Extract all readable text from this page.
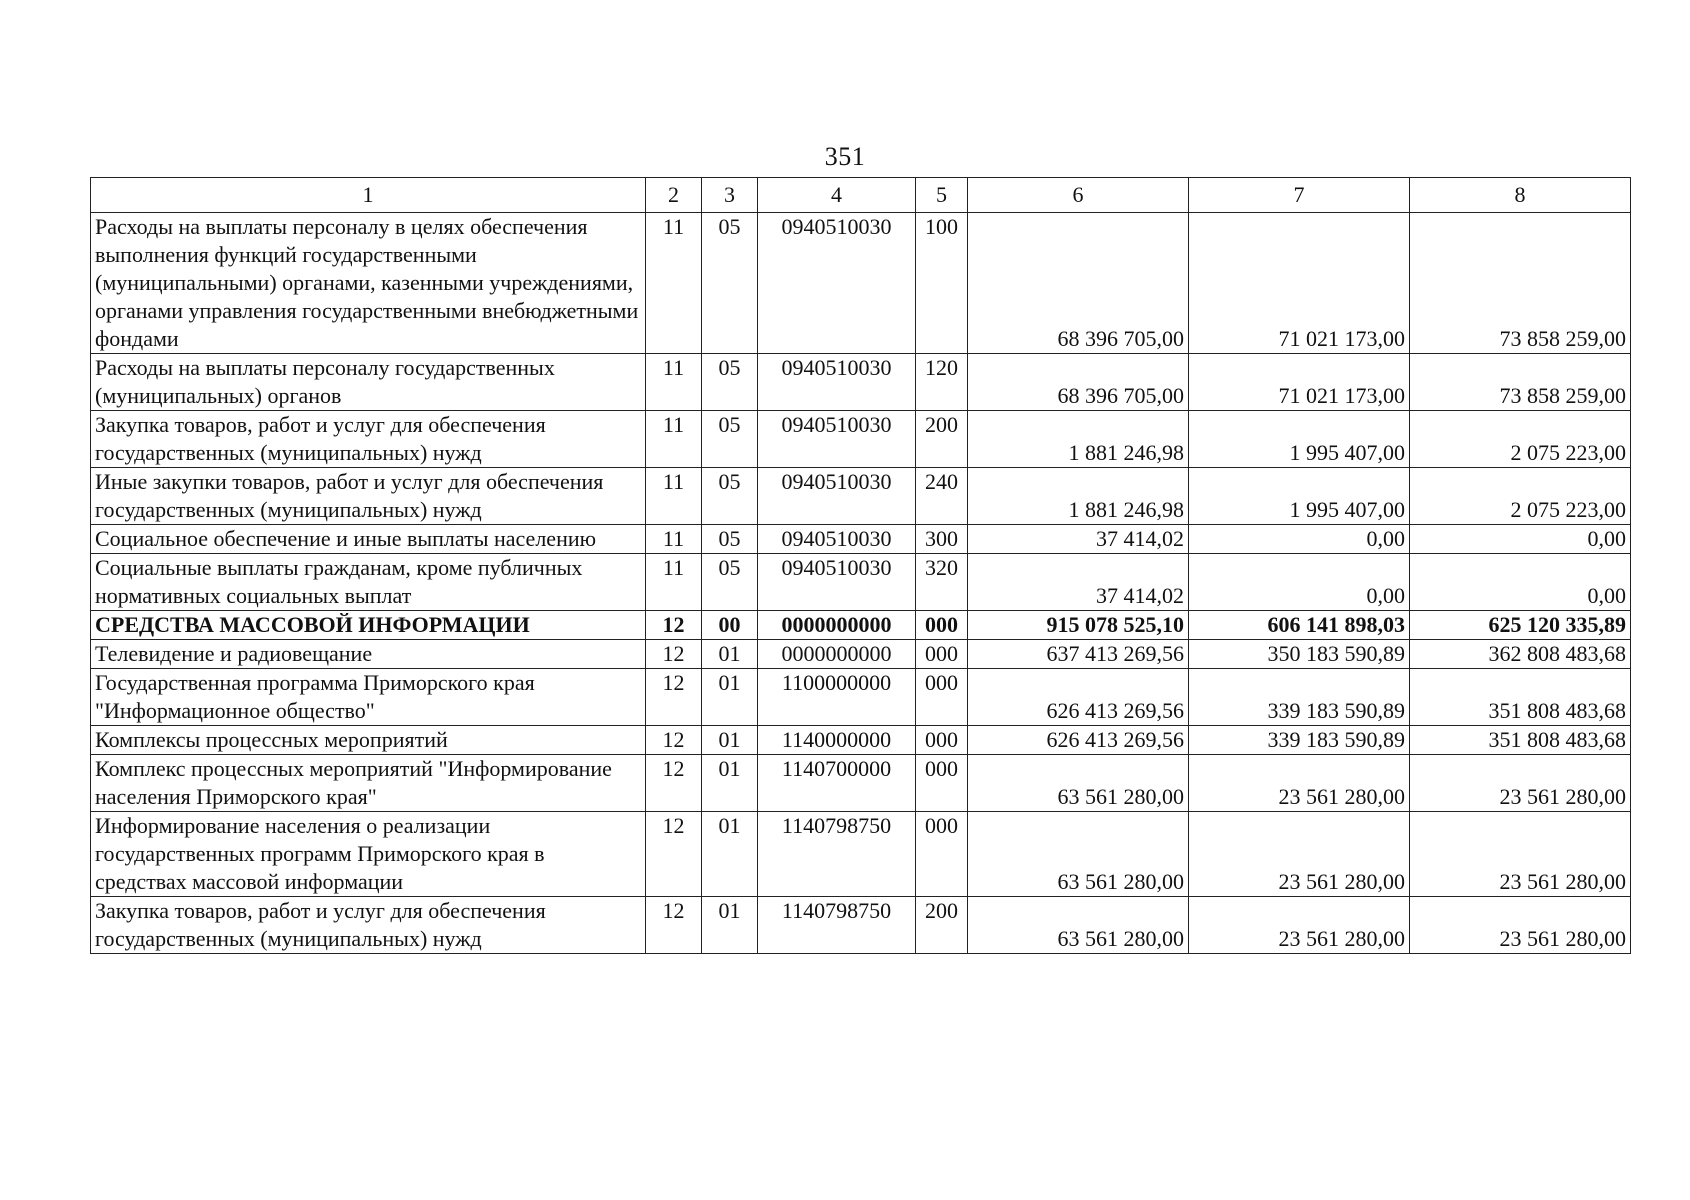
351
1	2	3	4	5	6	7	8
Расходы на выплаты персоналу в целях обеспечения выполнения функций государственными (муниципальными) органами, казенными учреждениями, органами управления государственными внебюджетными фондами	11	05	0940510030	100	68 396 705,00	71 021 173,00	73 858 259,00
Расходы на выплаты персоналу государственных (муниципальных) органов	11	05	0940510030	120	68 396 705,00	71 021 173,00	73 858 259,00
Закупка товаров, работ и услуг для обеспечения государственных (муниципальных) нужд	11	05	0940510030	200	1 881 246,98	1 995 407,00	2 075 223,00
Иные закупки товаров, работ и услуг для обеспечения государственных (муниципальных) нужд	11	05	0940510030	240	1 881 246,98	1 995 407,00	2 075 223,00
Социальное обеспечение и иные выплаты населению	11	05	0940510030	300	37 414,02	0,00	0,00
Социальные выплаты гражданам, кроме публичных нормативных социальных выплат	11	05	0940510030	320	37 414,02	0,00	0,00
СРЕДСТВА МАССОВОЙ ИНФОРМАЦИИ	12	00	0000000000	000	915 078 525,10	606 141 898,03	625 120 335,89
Телевидение и радиовещание	12	01	0000000000	000	637 413 269,56	350 183 590,89	362 808 483,68
Государственная программа Приморского края "Информационное общество"	12	01	1100000000	000	626 413 269,56	339 183 590,89	351 808 483,68
Комплексы процессных мероприятий	12	01	1140000000	000	626 413 269,56	339 183 590,89	351 808 483,68
Комплекс процессных мероприятий "Информирование населения Приморского края"	12	01	1140700000	000	63 561 280,00	23 561 280,00	23 561 280,00
Информирование населения о реализации государственных программ Приморского края в средствах массовой информации	12	01	1140798750	000	63 561 280,00	23 561 280,00	23 561 280,00
Закупка товаров, работ и услуг для обеспечения государственных (муниципальных) нужд	12	01	1140798750	200	63 561 280,00	23 561 280,00	23 561 280,00
